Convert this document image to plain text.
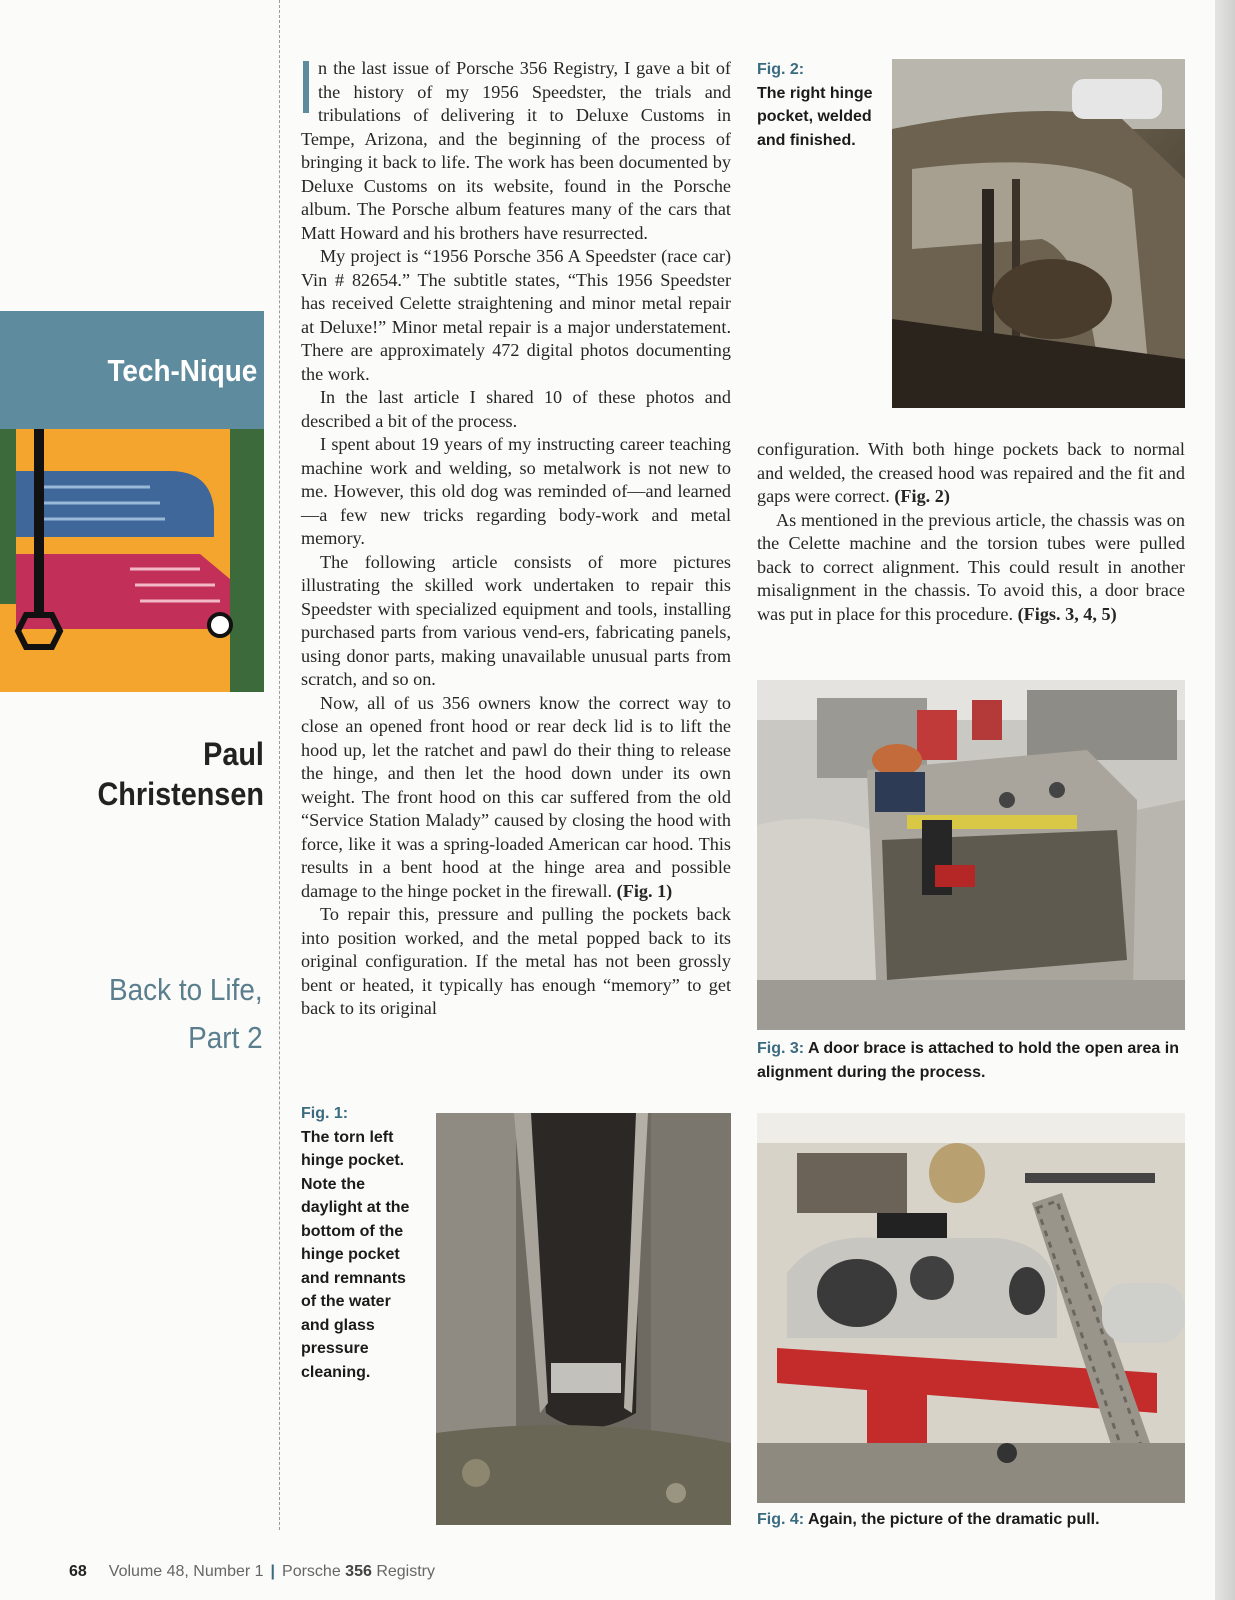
Tech-Nique
Paul
Christensen
Back to Life,
Part 2

n the last issue of Porsche 356 Registry, I gave a bit of the history of my 1956 Speedster, the trials and tribulations of delivering it to Deluxe Customs in Tempe, Arizona, and the beginning of the process of bringing it back to life. The work has been documented by Deluxe Customs on its website, found in the Porsche album. The Porsche album features many of the cars that Matt Howard and his brothers have resurrected.

My project is “1956 Porsche 356 A Speedster (race car) Vin # 82654.” The subtitle states, “This 1956 Speedster has received Celette straightening and minor metal repair at Deluxe!” Minor metal repair is a major understatement. There are approximately 472 digital photos documenting the work.

In the last article I shared 10 of these photos and described a bit of the process.

I spent about 19 years of my instructing career teaching machine work and welding, so metalwork is not new to me. However, this old dog was reminded of—and learned—a few new tricks regarding body-work and metal memory.

The following article consists of more pictures illustrating the skilled work undertaken to repair this Speedster with specialized equipment and tools, installing purchased parts from various vend-ers, fabricating panels, using donor parts, making unavailable unusual parts from scratch, and so on.

Now, all of us 356 owners know the correct way to close an opened front hood or rear deck lid is to lift the hood up, let the ratchet and pawl do their thing to release the hinge, and then let the hood down under its own weight. The front hood on this car suffered from the old “Service Station Malady” caused by closing the hood with force, like it was a spring-loaded American car hood. This results in a bent hood at the hinge area and possible damage to the hinge pocket in the firewall. (Fig. 1)

To repair this, pressure and pulling the pockets back into position worked, and the metal popped back to its original configuration. If the metal has not been grossly bent or heated, it typically has enough “memory” to get back to its original

configuration. With both hinge pockets back to normal and welded, the creased hood was repaired and the fit and gaps were correct. (Fig. 2)

As mentioned in the previous article, the chassis was on the Celette machine and the torsion tubes were pulled back to correct alignment. This could result in another misalignment in the chassis. To avoid this, a door brace was put in place for this procedure. (Figs. 3, 4, 5)

Fig. 2:
The right hinge pocket, welded and finished.
Fig. 3: A door brace is attached to hold the open area in alignment during the process.
Fig. 1:
The torn left hinge pocket. Note the daylight at the bottom of the hinge pocket and remnants of the water and glass pressure cleaning.
Fig. 4: Again, the picture of the dramatic pull.
68 Volume 48, Number 1 | Porsche 356 Registry
